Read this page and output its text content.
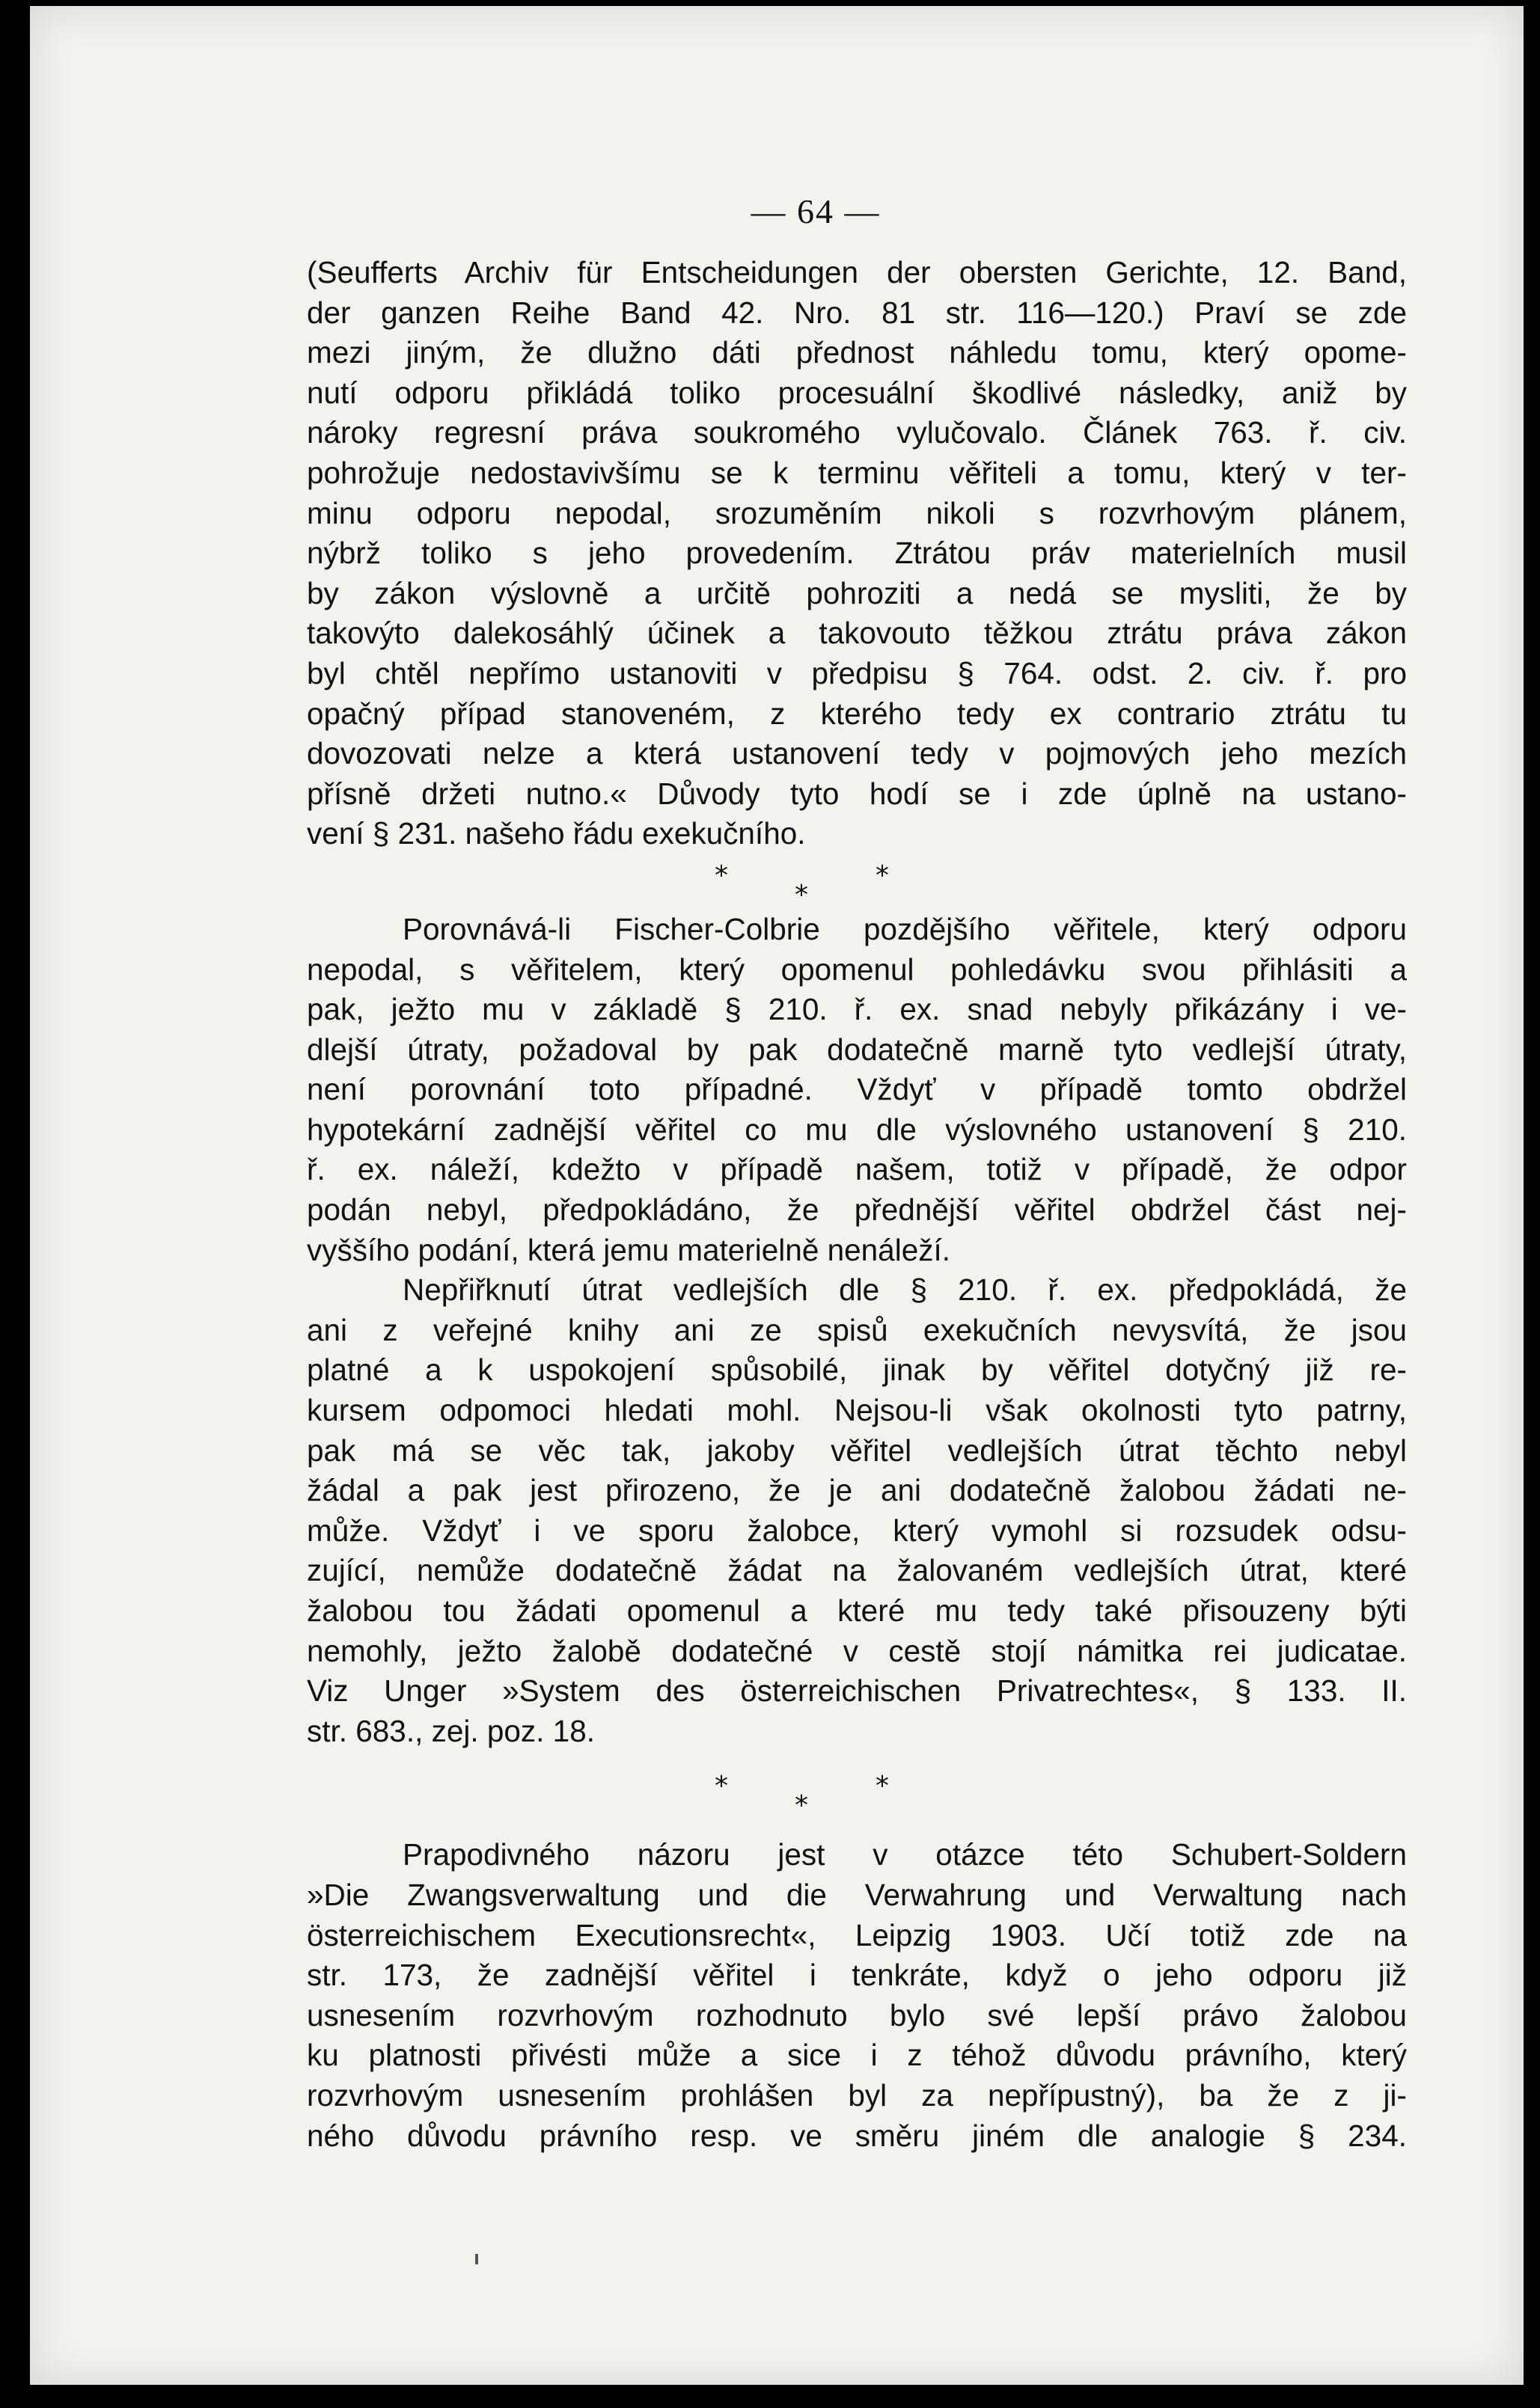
— 64 —
(Seufferts Archiv für Entscheidungen der obersten Gerichte, 12. Band,
der ganzen Reihe Band 42. Nro. 81 str. 116—120.) Praví se zde
mezi jiným, že dlužno dáti přednost náhledu tomu, který opome-
nutí odporu přikládá toliko procesuální škodlivé následky, aniž by
nároky regresní práva soukromého vylučovalo. Článek 763. ř. civ.
pohrožuje nedostavivšímu se k terminu věřiteli a tomu, který v ter-
minu odporu nepodal, srozuměním nikoli s rozvrhovým plánem,
nýbrž toliko s jeho provedením. Ztrátou práv materielních musil
by zákon výslovně a určitě pohroziti a nedá se mysliti, že by
takovýto dalekosáhlý účinek a takovouto těžkou ztrátu práva zákon
byl chtěl nepřímo ustanoviti v předpisu § 764. odst. 2. civ. ř. pro
opačný případ stanoveném, z kterého tedy ex contrario ztrátu tu
dovozovati nelze a která ustanovení tedy v pojmových jeho mezích
přísně držeti nutno.« Důvody tyto hodí se i zde úplně na ustano-
vení § 231. našeho řádu exekučního.
*	*
*
Porovnává-li Fischer-Colbrie pozdějšího věřitele, který odporu
nepodal, s věřitelem, který opomenul pohledávku svou přihlásiti a
pak, ježto mu v základě § 210. ř. ex. snad nebyly přikázány i ve-
dlejší útraty, požadoval by pak dodatečně marně tyto vedlejší útraty,
není porovnání toto případné. Vždyť v případě tomto obdržel
hypotekární zadnější věřitel co mu dle výslovného ustanovení § 210.
ř. ex. náleží, kdežto v případě našem, totiž v případě, že odpor
podán nebyl, předpokládáno, že přednější věřitel obdržel část nej-
vyššího podání, která jemu materielně nenáleží.
Nepřiřknutí útrat vedlejších dle § 210. ř. ex. předpokládá, že
ani z veřejné knihy ani ze spisů exekučních nevysvítá, že jsou
platné a k uspokojení spůsobilé, jinak by věřitel dotyčný již re-
kursem odpomoci hledati mohl. Nejsou-li však okolnosti tyto patrny,
pak má se věc tak, jakoby věřitel vedlejších útrat těchto nebyl
žádal a pak jest přirozeno, že je ani dodatečně žalobou žádati ne-
může. Vždyť i ve sporu žalobce, který vymohl si rozsudek odsu-
zující, nemůže dodatečně žádat na žalovaném vedlejších útrat, které
žalobou tou žádati opomenul a které mu tedy také přisouzeny býti
nemohly, ježto žalobě dodatečné v cestě stojí námitka rei judicatae.
Viz Unger »System des österreichischen Privatrechtes«, § 133. II.
str. 683., zej. poz. 18.
*	*
*
Prapodivného názoru jest v otázce této Schubert-Soldern
»Die Zwangsverwaltung und die Verwahrung und Verwaltung nach
österreichischem Executionsrecht«, Leipzig 1903. Učí totiž zde na
str. 173, že zadnější věřitel i tenkráte, když o jeho odporu již
usnesením rozvrhovým rozhodnuto bylo své lepší právo žalobou
ku platnosti přivésti může a sice i z téhož důvodu právního, který
rozvrhovým usnesením prohlášen byl za nepřípustný), ba že z ji-
ného důvodu právního resp. ve směru jiném dle analogie § 234.
